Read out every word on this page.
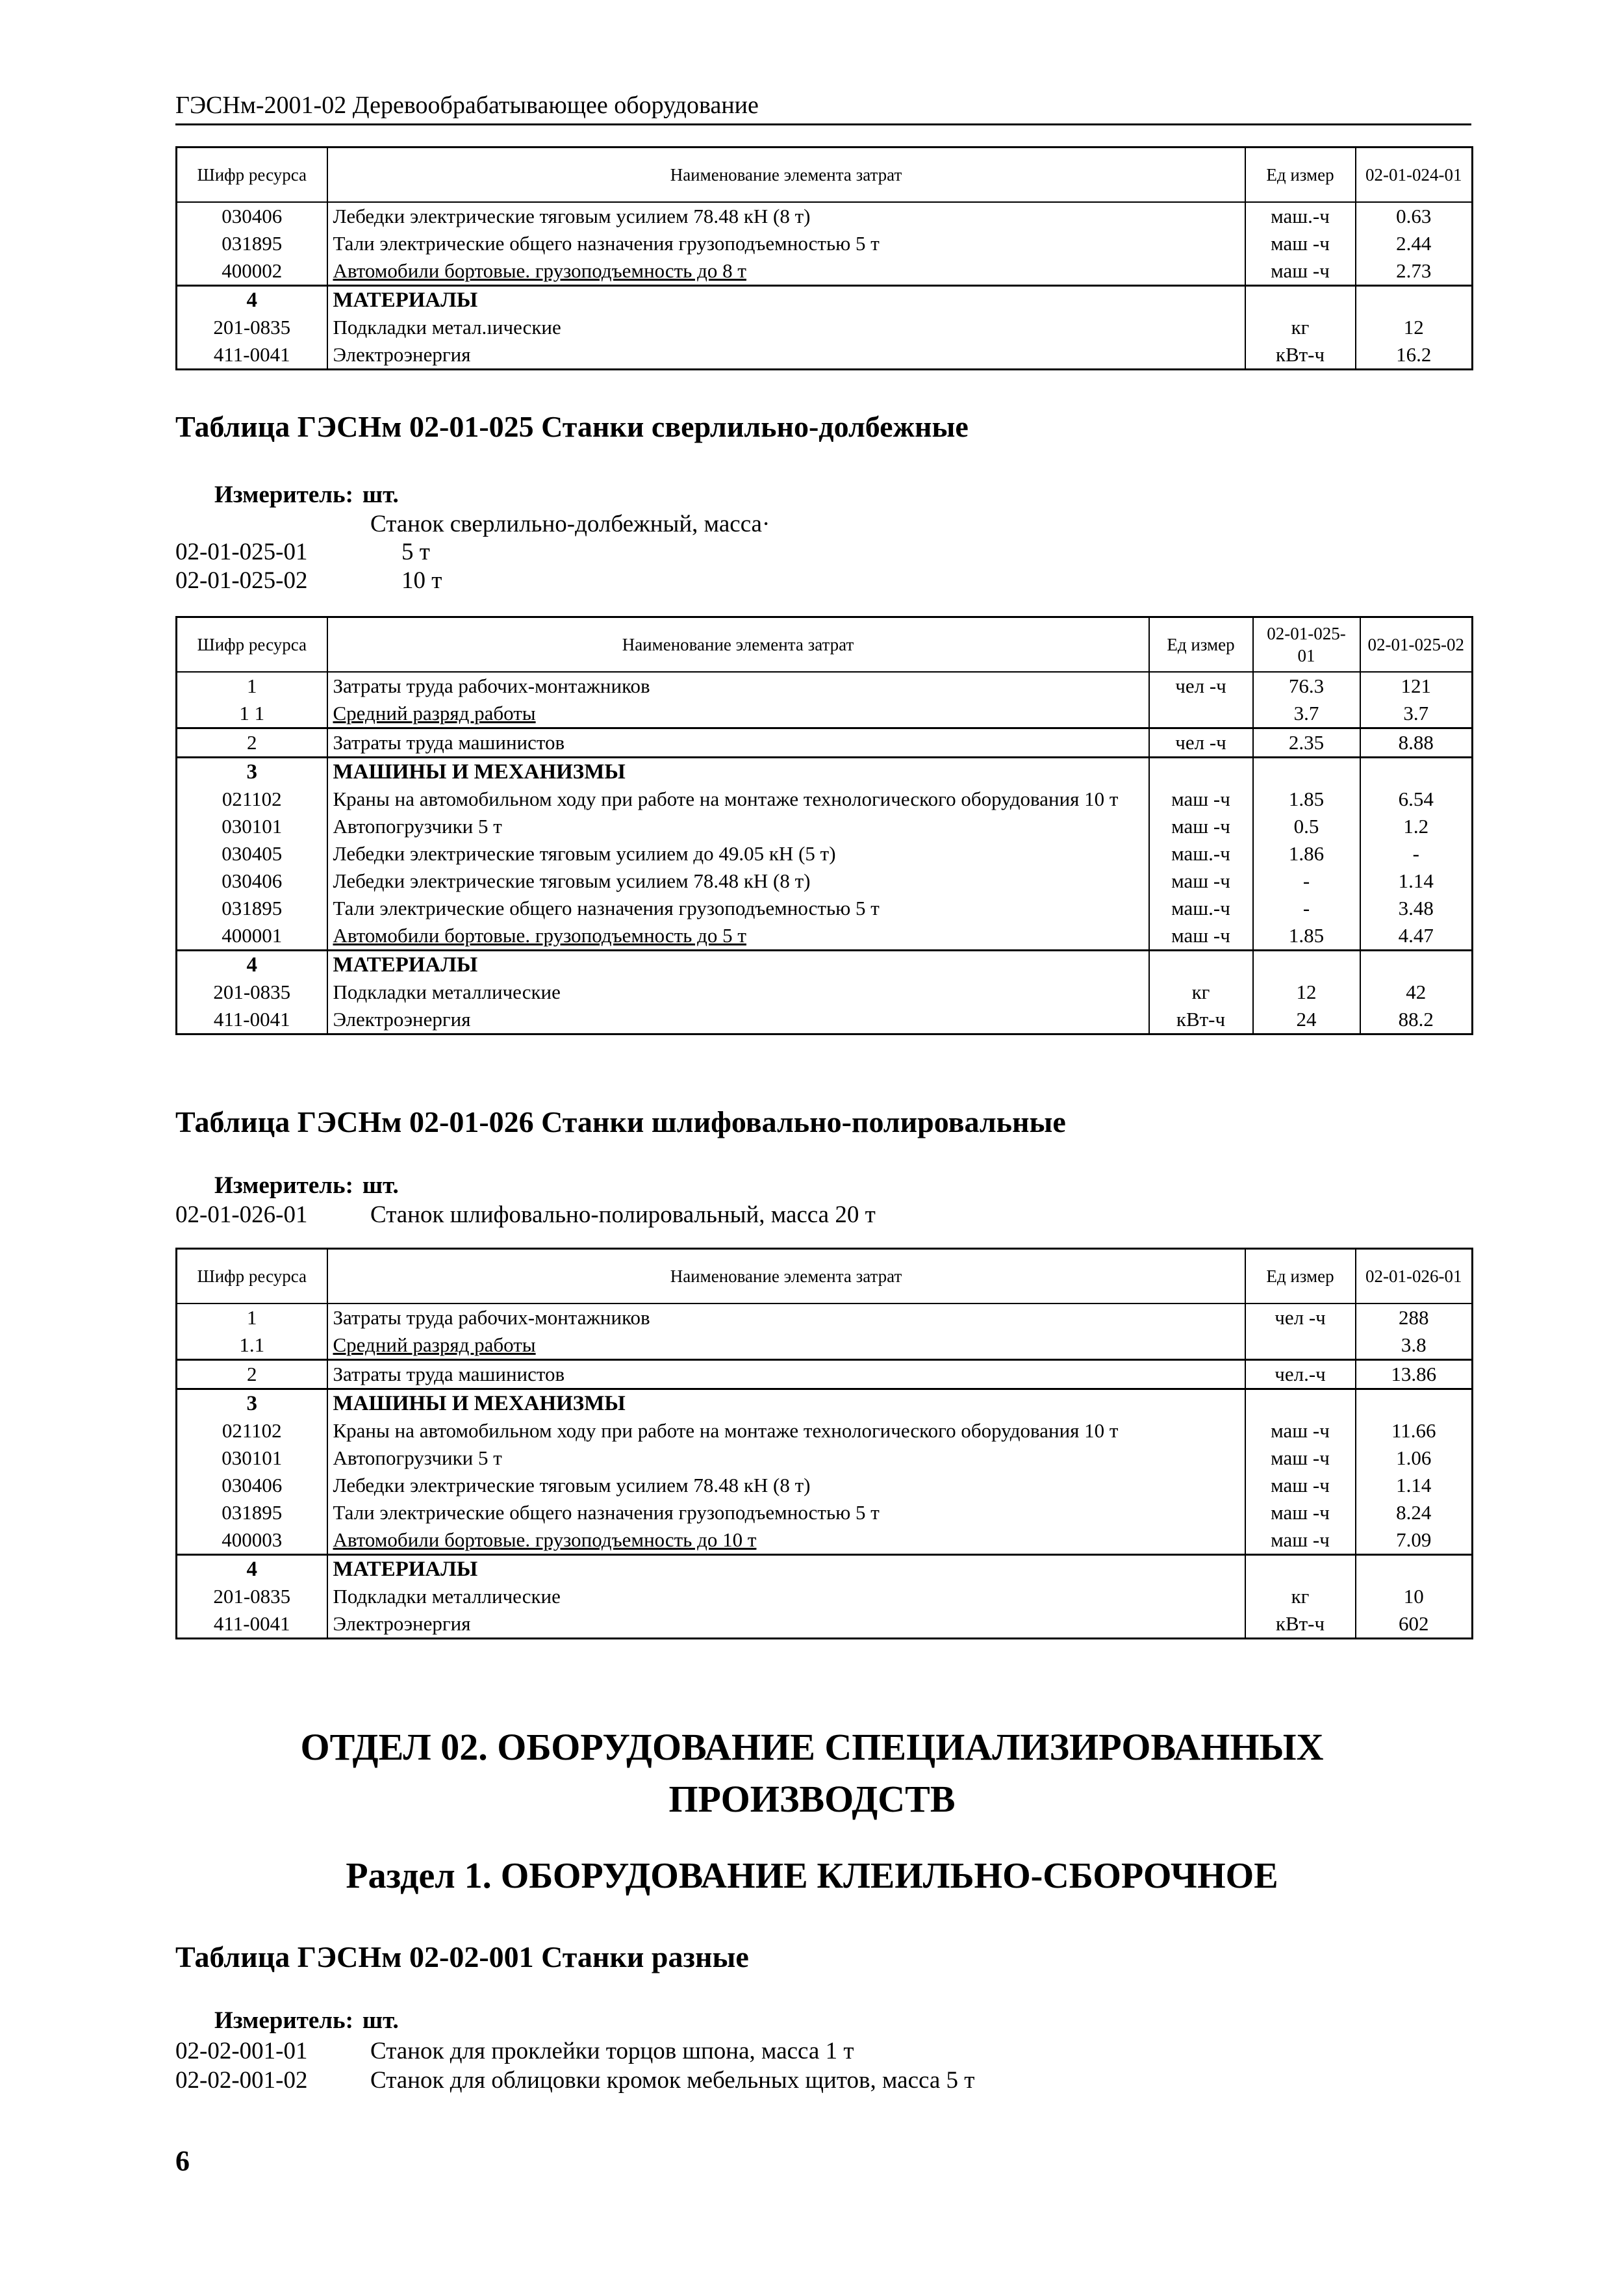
ГЭСНм-2001-02 Деревообрабатывающее оборудование
Шифр ресурса	Наименование элемента затрат	Ед измер	02-01-024-01
030406	Лебедки электрические тяговым усилием 78.48 кН (8 т)	маш.-ч	0.63
031895	Тали электрические общего назначения грузоподъемностью 5 т	маш -ч	2.44
400002	Автомобили бортовые. грузоподъемность до 8 т	маш -ч	2.73
4	МАТЕРИАЛЫ		
201-0835	Подкладки метал.ıические	кг	12
411-0041	Электроэнергия	кВт-ч	16.2
Таблица ГЭСНм 02-01-025 Станки сверлильно-долбежные
Измеритель: шт.
Станок сверлильно-долбежный, масса·
02-01-025-01	5 т
02-01-025-02	10 т
Шифр ресурса	Наименование элемента затрат	Ед измер	02-01-025-01	02-01-025-02
1	Затраты труда рабочих-монтажников	чел -ч	76.3	121
1 1	Средний разряд работы		3.7	3.7
2	Затраты труда машинистов	чел -ч	2.35	8.88
3	МАШИНЫ И МЕХАНИЗМЫ			
021102	Краны на автомобильном ходу при работе на монтаже технологического оборудования 10 т	маш -ч	1.85	6.54
030101	Автопогрузчики 5 т	маш -ч	0.5	1.2
030405	Лебедки электрические тяговым усилием до 49.05 кН (5 т)	маш.-ч	1.86	-
030406	Лебедки электрические тяговым усилием 78.48 кН (8 т)	маш -ч	-	1.14
031895	Тали электрические общего назначения грузоподъемностью 5 т	маш.-ч	-	3.48
400001	Автомобили бортовые. грузоподъемность до 5 т	маш -ч	1.85	4.47
4	МАТЕРИАЛЫ			
201-0835	Подкладки металлические	кг	12	42
411-0041	Электроэнергия	кВт-ч	24	88.2
Таблица ГЭСНм 02-01-026 Станки шлифовально-полировальные
Измеритель: шт.
02-01-026-01	Станок шлифовально-полировальный, масса 20 т
Шифр ресурса	Наименование элемента затрат	Ед измер	02-01-026-01
1	Затраты труда рабочих-монтажников	чел -ч	288
1.1	Средний разряд работы		3.8
2	Затраты труда машинистов	чел.-ч	13.86
3	МАШИНЫ И МЕХАНИЗМЫ		
021102	Краны на автомобильном ходу при работе на монтаже технологического оборудования 10 т	маш -ч	11.66
030101	Автопогрузчики 5 т	маш -ч	1.06
030406	Лебедки электрические тяговым усилием 78.48 кН (8 т)	маш -ч	1.14
031895	Тали электрические общего назначения грузоподъемностью 5 т	маш -ч	8.24
400003	Автомобили бортовые. грузоподъемность до 10 т	маш -ч	7.09
4	МАТЕРИАЛЫ		
201-0835	Подкладки металлические	кг	10
411-0041	Электроэнергия	кВт-ч	602
ОТДЕЛ 02. ОБОРУДОВАНИЕ СПЕЦИАЛИЗИРОВАННЫХ
ПРОИЗВОДСТВ
Раздел 1. ОБОРУДОВАНИЕ КЛЕИЛЬНО-СБОРОЧНОЕ
Таблица ГЭСНм 02-02-001 Станки разные
Измеритель: шт.
02-02-001-01	Станок для проклейки торцов шпона, масса 1 т
02-02-001-02	Станок для облицовки кромок мебельных щитов, масса 5 т
6
